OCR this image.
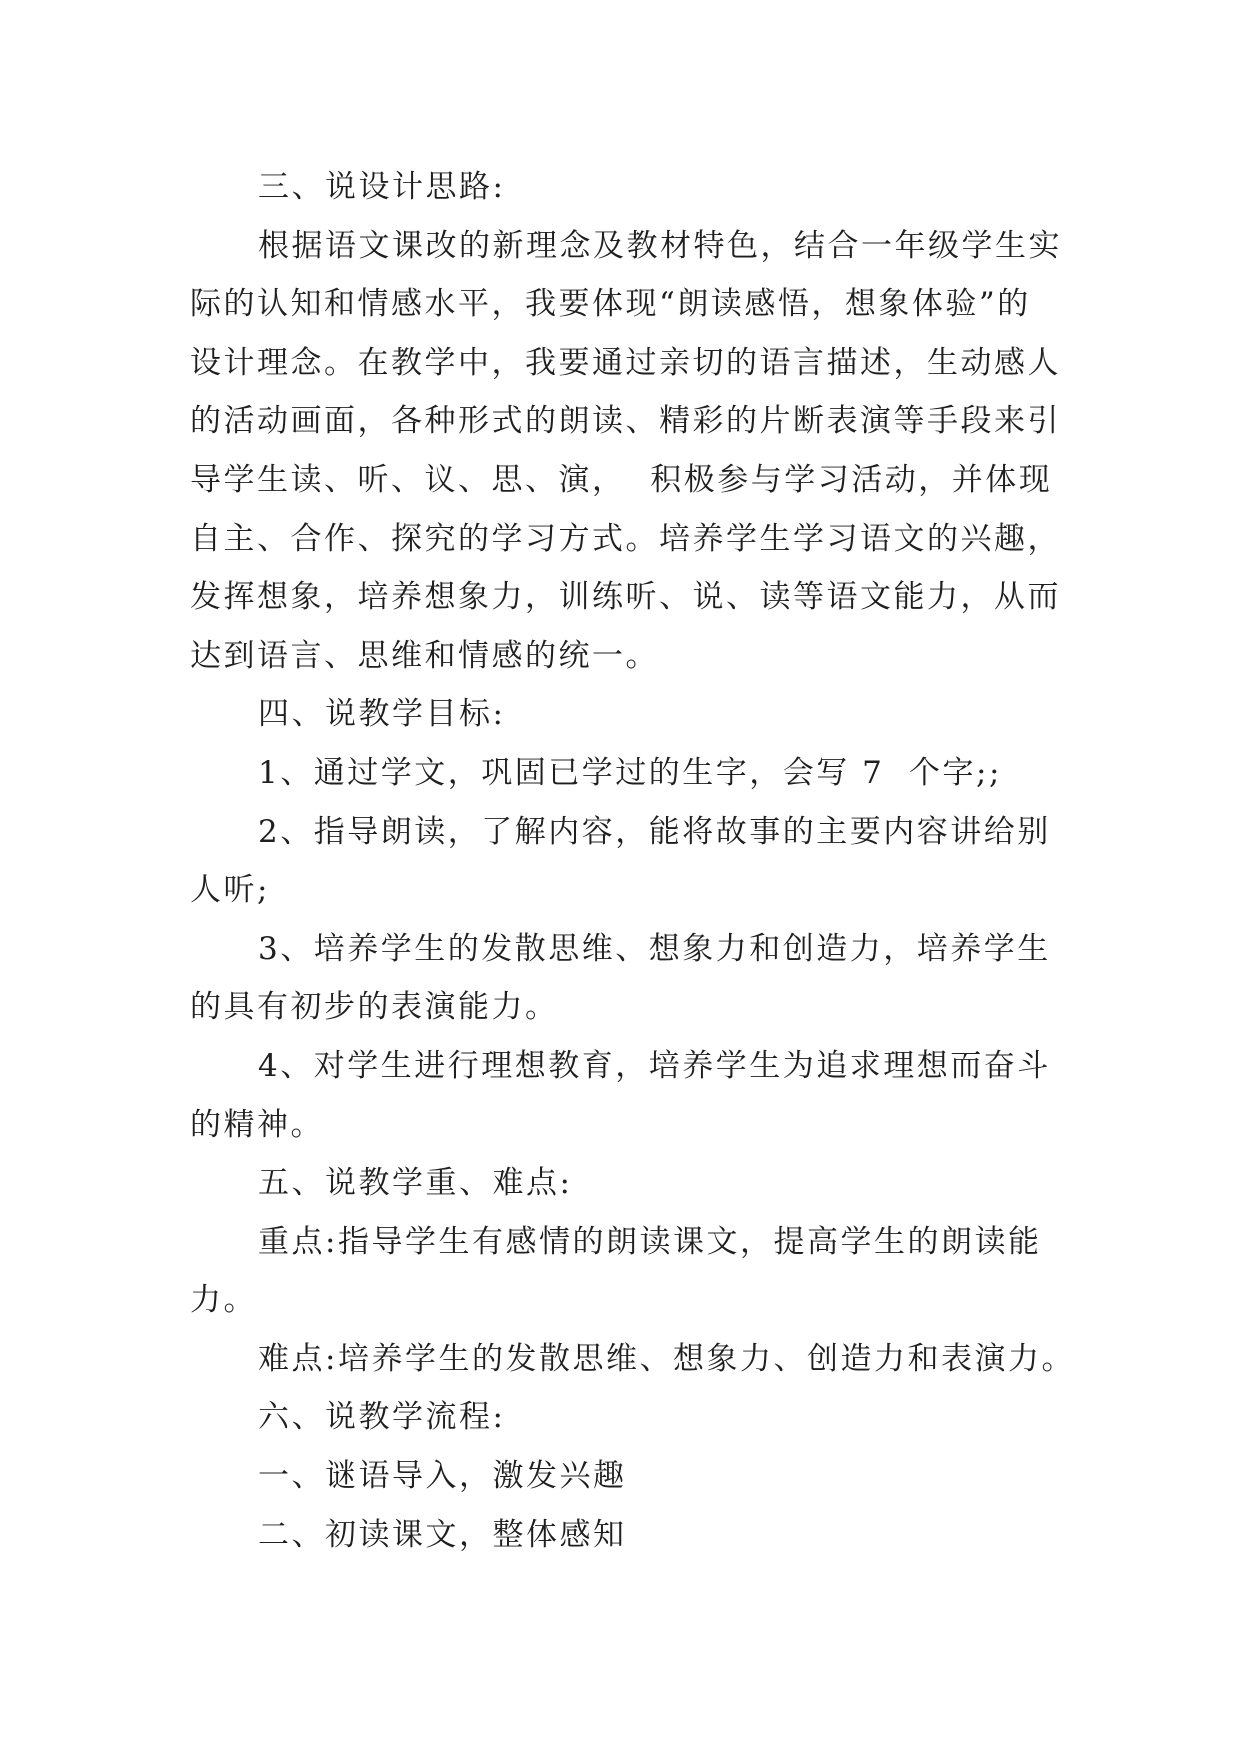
三、说设计思路:
根据语文课改的新理念及教材特色，结合一年级学生实
际的认知和情感水平，我要体现“朗读感悟，想象体验”的
设计理念。在教学中，我要通过亲切的语言描述，生动感人
的活动画面，各种形式的朗读、精彩的片断表演等手段来引
导学生读、听、议、思、演，  积极参与学习活动，并体现
自主、合作、探究的学习方式。培养学生学习语文的兴趣，
发挥想象，培养想象力，训练听、说、读等语文能力，从而
达到语言、思维和情感的统一。
四、说教学目标:
1、通过学文，巩固已学过的生字，会写 7  个字;;
2、指导朗读，了解内容，能将故事的主要内容讲给别
人听;
3、培养学生的发散思维、想象力和创造力，培养学生
的具有初步的表演能力。
4、对学生进行理想教育，培养学生为追求理想而奋斗
的精神。
五、说教学重、难点:
重点:指导学生有感情的朗读课文，提高学生的朗读能
力。
难点:培养学生的发散思维、想象力、创造力和表演力。
六、说教学流程:
一、谜语导入，激发兴趣
二、初读课文，整体感知
